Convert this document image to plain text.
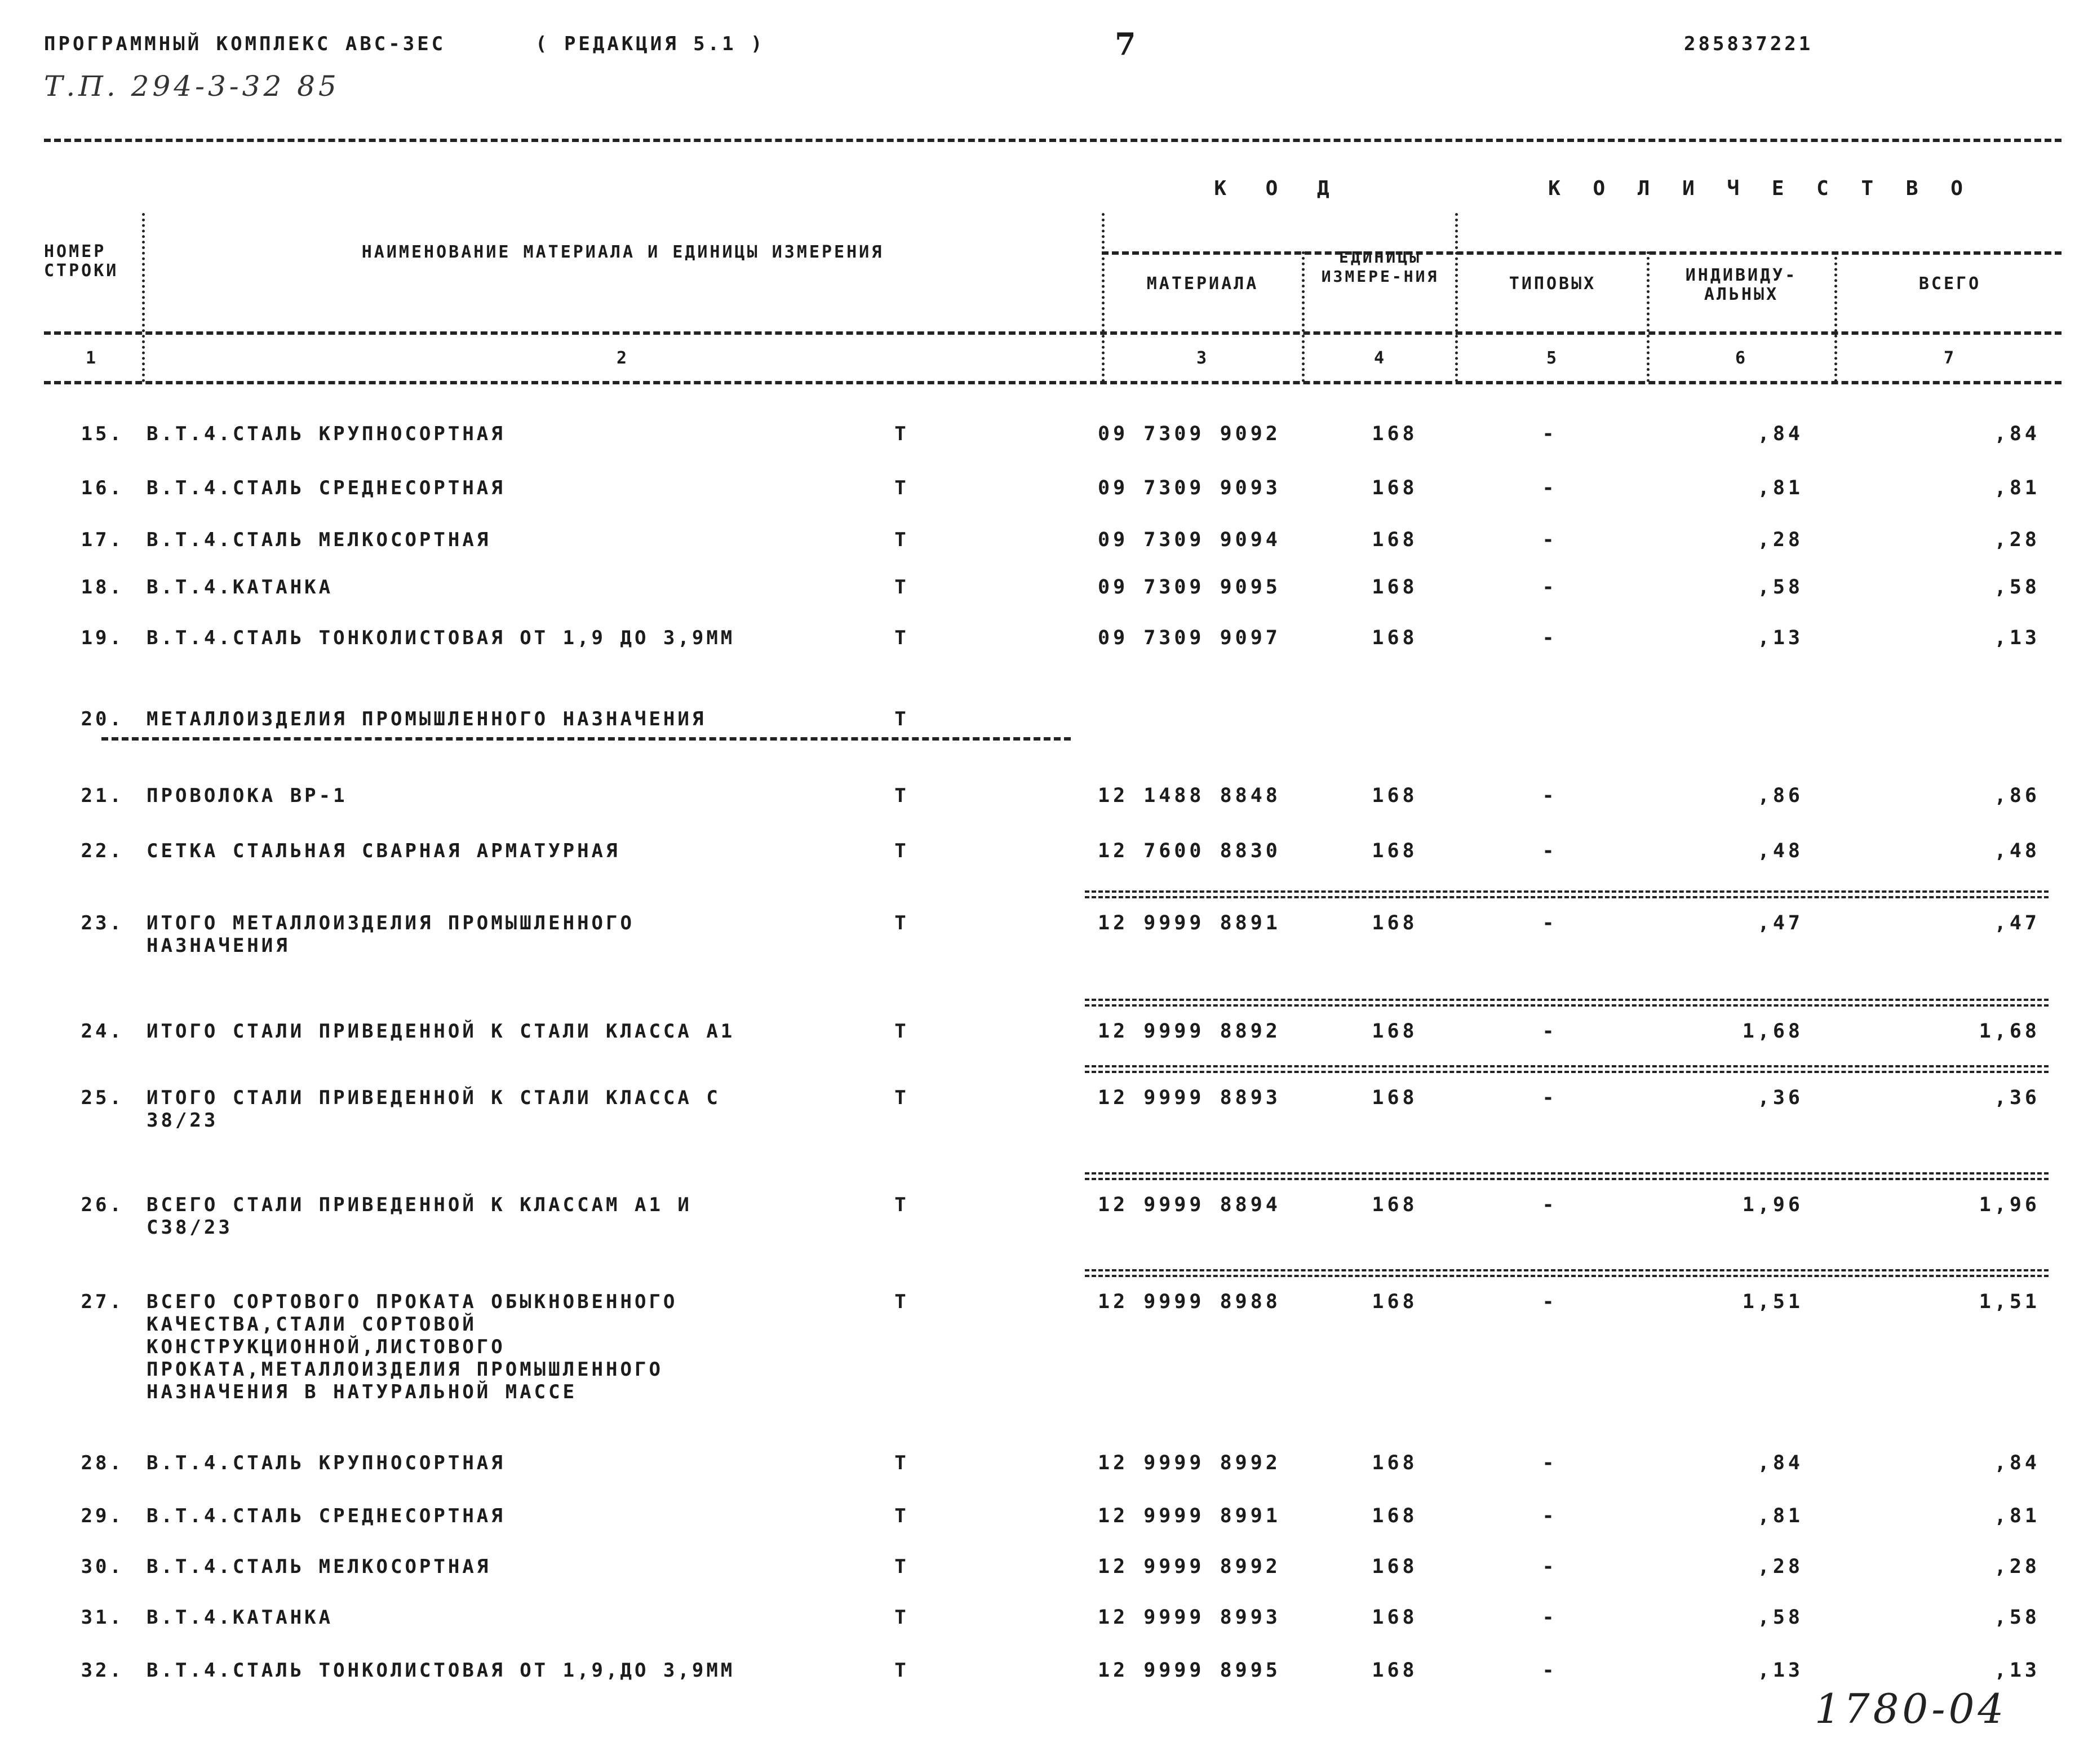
ПРОГРАММНЫЙ КОМПЛЕКС АВС-3ЕС	( РЕДАКЦИЯ 5.1 )	7	285837221
Т.П. 294-3-32 85
НОМЕР СТРОКИ
НАИМЕНОВАНИЕ МАТЕРИАЛА И ЕДИНИЦЫ ИЗМЕРЕНИЯ
К О Д
МАТЕРИАЛА
ЕДИНИЦЫ ИЗМЕРЕ-НИЯ
К О Л И Ч Е С Т В О
ТИПОВЫХ	ИНДИВИДУ-АЛЬНЫХ
ВСЕГО
1	2	3	4	5	6	7
15. В.Т.4.СТАЛЬ КРУПНОСОРТНАЯ	Т	09 7309 9092	168	-	,84	,84
16. В.Т.4.СТАЛЬ СРЕДНЕСОРТНАЯ	Т	09 7309 9093	168	-	,81	,81
17. В.Т.4.СТАЛЬ МЕЛКОСОРТНАЯ	Т	09 7309 9094	168	-	,28	,28
18. В.Т.4.КАТАНКА	Т	09 7309 9095	168	-	,58	,58
19. В.Т.4.СТАЛЬ ТОНКОЛИСТОВАЯ ОТ 1,9 ДО 3,9ММ	Т	09 7309 9097	168	-	,13	,13
20. МЕТАЛЛОИЗДЕЛИЯ ПРОМЫШЛЕННОГО НАЗНАЧЕНИЯ	Т
21. ПРОВОЛОКА ВР-1	Т	12 1488 8848	168	-	,86	,86
22. СЕТКА СТАЛЬНАЯ СВАРНАЯ АРМАТУРНАЯ	Т	12 7600 8830	168	-	,48	,48
23. ИТОГО МЕТАЛЛОИЗДЕЛИЯ ПРОМЫШЛЕННОГО
НАЗНАЧЕНИЯ
Т	12 9999 8891	168	-	,47	,47
24. ИТОГО СТАЛИ ПРИВЕДЕННОЙ К СТАЛИ КЛАССА А1	Т	12 9999 8892	168	-	1,68	1,68
25. ИТОГО СТАЛИ ПРИВЕДЕННОЙ К СТАЛИ КЛАССА С
38/23
Т	12 9999 8893	168	-	,36	,36
26. ВСЕГО СТАЛИ ПРИВЕДЕННОЙ К КЛАССАМ А1 И
С38/23
Т	12 9999 8894	168	-	1,96	1,96
27. ВСЕГО СОРТОВОГО ПРОКАТА ОБЫКНОВЕННОГО
КАЧЕСТВА,СТАЛИ СОРТОВОЙ
КОНСТРУКЦИОННОЙ,ЛИСТОВОГО
ПРОКАТА,МЕТАЛЛОИЗДЕЛИЯ ПРОМЫШЛЕННОГО
НАЗНАЧЕНИЯ В НАТУРАЛЬНОЙ МАССЕ
Т	12 9999 8988	168	-	1,51	1,51
28. В.Т.4.СТАЛЬ КРУПНОСОРТНАЯ	Т	12 9999 8992	168	-	,84	,84
29. В.Т.4.СТАЛЬ СРЕДНЕСОРТНАЯ	Т	12 9999 8991	168	-	,81	,81
30. В.Т.4.СТАЛЬ МЕЛКОСОРТНАЯ	Т	12 9999 8992	168	-	,28	,28
31. В.Т.4.КАТАНКА	Т	12 9999 8993	168	-	,58	,58
32. В.Т.4.СТАЛЬ ТОНКОЛИСТОВАЯ ОТ 1,9,ДО 3,9ММ	Т	12 9999 8995	168	-	,13	,13
1780-04
